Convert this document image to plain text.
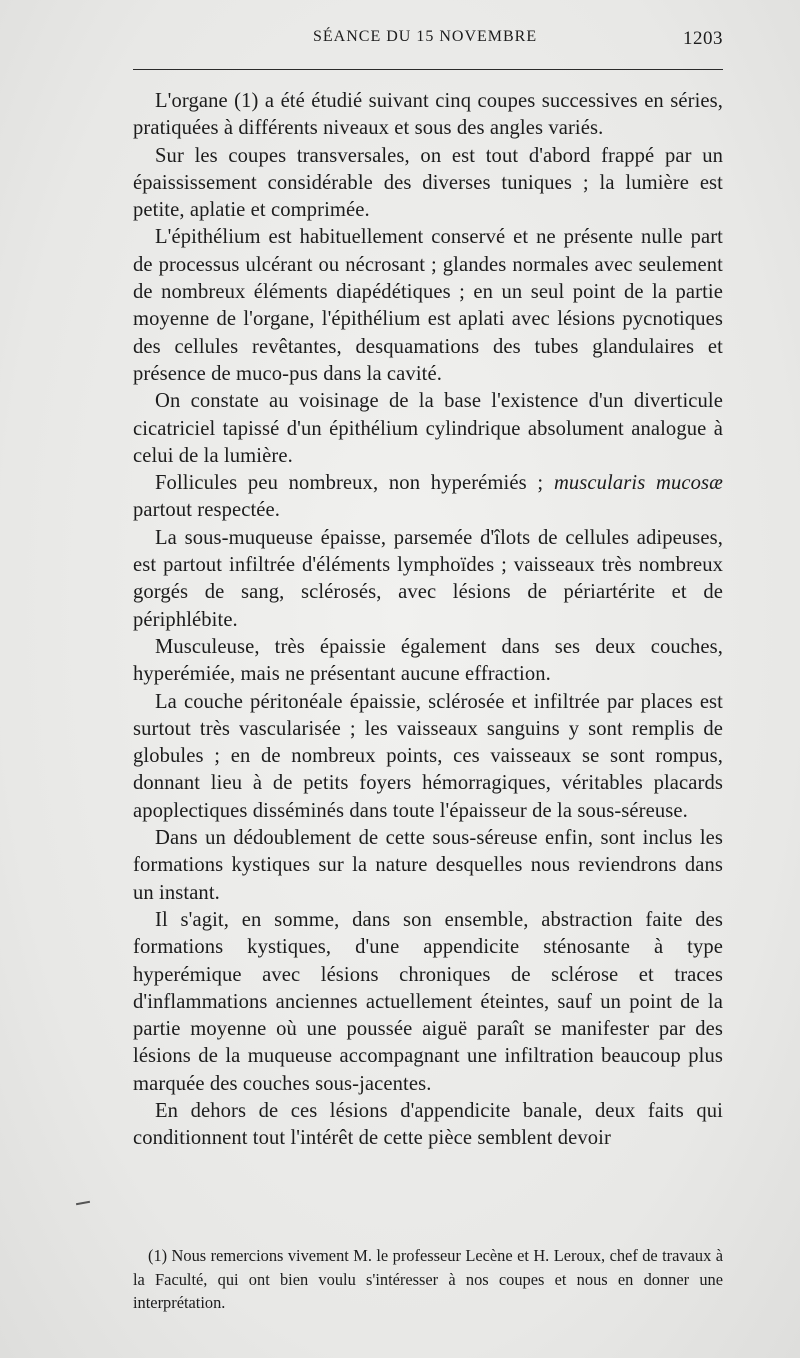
SÉANCE DU 15 NOVEMBRE	1203

L'organe (1) a été étudié suivant cinq coupes successives en séries, pratiquées à différents niveaux et sous des angles variés.

Sur les coupes transversales, on est tout d'abord frappé par un épaississement considérable des diverses tuniques ; la lumière est petite, aplatie et comprimée.

L'épithélium est habituellement conservé et ne présente nulle part de processus ulcérant ou nécrosant ; glandes normales avec seulement de nombreux éléments diapédétiques ; en un seul point de la partie moyenne de l'organe, l'épithélium est aplati avec lésions pycnotiques des cellules revêtantes, desquamations des tubes glandulaires et présence de muco-pus dans la cavité.

On constate au voisinage de la base l'existence d'un diverticule cicatriciel tapissé d'un épithélium cylindrique absolument analogue à celui de la lumière.

Follicules peu nombreux, non hyperémiés ; muscularis mucosæ partout respectée.

La sous-muqueuse épaisse, parsemée d'îlots de cellules adipeuses, est partout infiltrée d'éléments lymphoïdes ; vaisseaux très nombreux gorgés de sang, sclérosés, avec lésions de périartérite et de périphlébite.

Musculeuse, très épaissie également dans ses deux couches, hyperémiée, mais ne présentant aucune effraction.

La couche péritonéale épaissie, sclérosée et infiltrée par places est surtout très vascularisée ; les vaisseaux sanguins y sont remplis de globules ; en de nombreux points, ces vaisseaux se sont rompus, donnant lieu à de petits foyers hémorragiques, véritables placards apoplectiques disséminés dans toute l'épaisseur de la sous-séreuse.

Dans un dédoublement de cette sous-séreuse enfin, sont inclus les formations kystiques sur la nature desquelles nous reviendrons dans un instant.

Il s'agit, en somme, dans son ensemble, abstraction faite des formations kystiques, d'une appendicite sténosante à type hyperémique avec lésions chroniques de sclérose et traces d'inflammations anciennes actuellement éteintes, sauf un point de la partie moyenne où une poussée aiguë paraît se manifester par des lésions de la muqueuse accompagnant une infiltration beaucoup plus marquée des couches sous-jacentes.

En dehors de ces lésions d'appendicite banale, deux faits qui conditionnent tout l'intérêt de cette pièce semblent devoir

(1) Nous remercions vivement M. le professeur Lecène et H. Leroux, chef de travaux à la Faculté, qui ont bien voulu s'intéresser à nos coupes et nous en donner une interprétation.
